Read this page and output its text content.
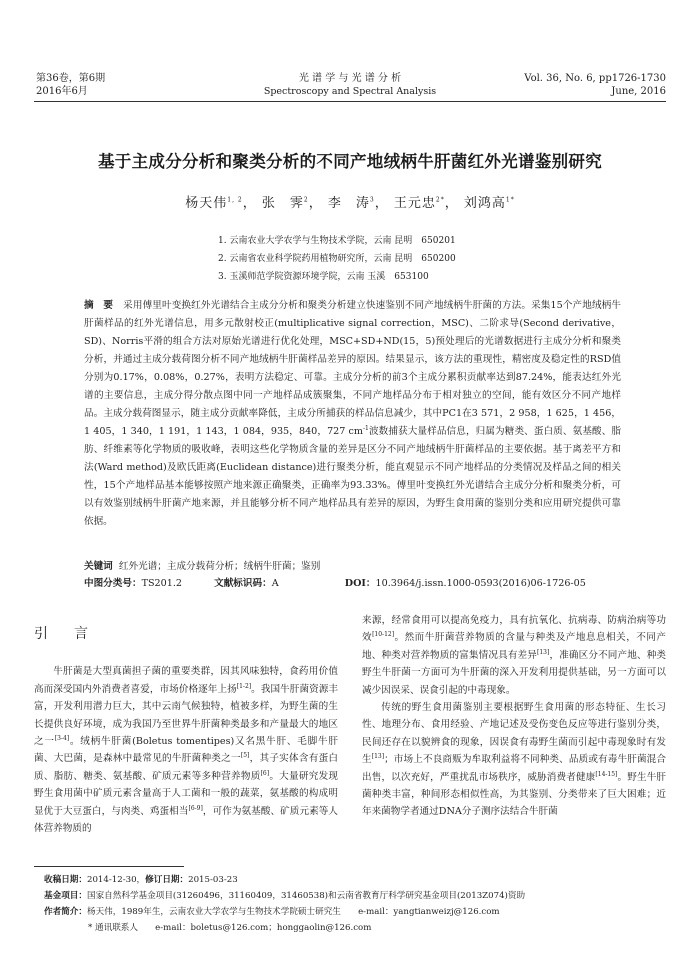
第36卷，第6期
2016年6月
光 谱 学 与 光 谱 分 析
Spectroscopy and Spectral Analysis
Vol. 36, No. 6, pp1726-1730
June, 2016
基于主成分分析和聚类分析的不同产地绒柄牛肝菌红外光谱鉴别研究
杨天伟$^{1, 2}$， 张　霁$^2$， 李　涛$^3$， 王元忠$^{2*}$， 刘鸿高$^{1*}$
1. 云南农业大学农学与生物技术学院，云南 昆明　650201
2. 云南省农业科学院药用植物研究所，云南 昆明　650200
3. 玉溪师范学院资源环境学院，云南 玉溪　653100
摘　要 采用傅里叶变换红外光谱结合主成分分析和聚类分析建立快速鉴别不同产地绒柄牛肝菌的方法。采集15个产地绒柄牛肝菌样品的红外光谱信息，用多元散射校正(multiplicative signal correction，MSC)、二阶求导(Second derivative，SD)、Norris平滑的组合方法对原始光谱进行优化处理，MSC+SD+ND(15，5)预处理后的光谱数据进行主成分分析和聚类分析，并通过主成分载荷图分析不同产地绒柄牛肝菌样品差异的原因。结果显示，该方法的重现性，精密度及稳定性的RSD值分别为0.17%，0.08%，0.27%，表明方法稳定、可靠。主成分分析的前3个主成分累积贡献率达到87.24%，能表达红外光谱的主要信息，主成分得分散点图中同一产地样品成簇聚集，不同产地样品分布于相对独立的空间，能有效区分不同产地样品。主成分载荷图显示，随主成分贡献率降低，主成分所捕获的样品信息减少，其中PC1在3 571，2 958，1 625，1 456，1 405，1 340，1 191，1 143，1 084，935，840，727 $cm^{-1}$波数捕获大量样品信息，归属为糖类、蛋白质、氨基酸、脂肪、纤维素等化学物质的吸收峰，表明这些化学物质含量的差异是区分不同产地绒柄牛肝菌样品的主要依据。基于离差平方和法(Ward method)及欧氏距离(Euclidean distance)进行聚类分析，能直观显示不同产地样品的分类情况及样品之间的相关性，15个产地样品基本能够按照产地来源正确聚类，正确率为93.33%。傅里叶变换红外光谱结合主成分分析和聚类分析，可以有效鉴别绒柄牛肝菌产地来源，并且能够分析不同产地样品具有差异的原因，为野生食用菌的鉴别分类和应用研究提供可靠依据。
关键词 红外光谱；主成分载荷分析；绒柄牛肝菌；鉴别
中图分类号：TS201.2	文献标识码：A	DOI：10.3964/j.issn.1000-0593(2016)06-1726-05
引　言

牛肝菌是大型真菌担子菌的重要类群，因其风味独特，食药用价值高而深受国内外消费者喜爱，市场价格逐年上扬[1-2]。我国牛肝菌资源丰富，开发利用潜力巨大，其中云南气候独特，植被多样，为野生菌的生长提供良好环境，成为我国乃至世界牛肝菌种类最多和产量最大的地区之一[3-4]。绒柄牛肝菌(Boletus tomentipes)又名黑牛肝、毛脚牛肝菌、大巴菌，是森林中最常见的牛肝菌种类之一[5]，其子实体含有蛋白质、脂肪、糖类、氨基酸、矿质元素等多种营养物质[6]。大量研究发现野生食用菌中矿质元素含量高于人工菌和一般的蔬菜，氨基酸的构成明显优于大豆蛋白，与肉类、鸡蛋相当[6-9]，可作为氨基酸、矿质元素等人体营养物质的

来源，经常食用可以提高免疫力，具有抗氧化、抗病毒、防病治病等功效[10-12]。然而牛肝菌营养物质的含量与种类及产地息息相关，不同产地、种类对营养物质的富集情况具有差异[13]，准确区分不同产地、种类野生牛肝菌一方面可为牛肝菌的深入开发利用提供基础，另一方面可以减少因误采、误食引起的中毒现象。

传统的野生食用菌鉴别主要根据野生食用菌的形态特征、生长习性、地理分布、食用经验、产地记述及受伤变色反应等进行鉴别分类，民间还存在以貌辨食的现象，因误食有毒野生菌而引起中毒现象时有发生[13]；市场上不良商贩为牟取利益将不同种类、品质或有毒牛肝菌混合出售，以次充好，严重扰乱市场秩序，威胁消费者健康[14-15]。野生牛肝菌种类丰富，种间形态相似性高，为其鉴别、分类带来了巨大困难；近年来菌物学者通过DNA分子测序法结合牛肝菌

收稿日期：2014-12-30，修订日期：2015-03-23
基金项目：国家自然科学基金项目(31260496，31160409，31460538)和云南省教育厅科学研究基金项目(2013Z074)资助
作者简介：杨天伟，1989年生，云南农业大学农学与生物技术学院硕士研究生　　e-mail：yangtianweizj@126.com
* 通讯联系人　　e-mail：boletus@126.com；honggaolin@126.com
